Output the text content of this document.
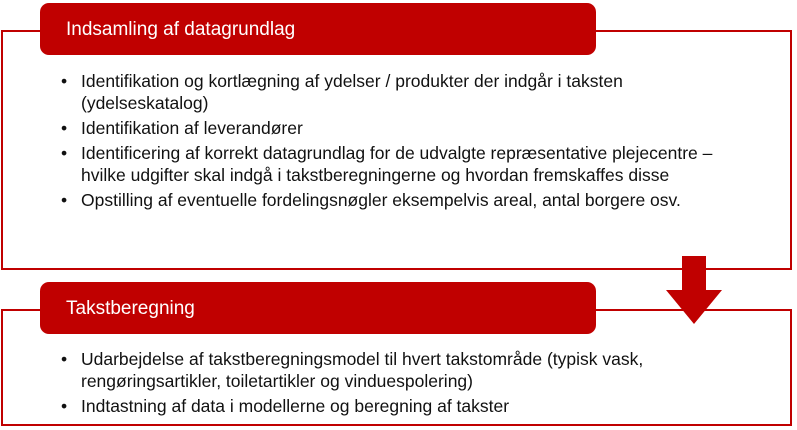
Indsamling af datagrundlag
• Identifikation og kortlægning af ydelser / produkter der indgår i taksten (ydelseskatalog)
• Identifikation af leverandører
• Identificering af korrekt datagrundlag for de udvalgte repræsentative plejecentre – hvilke udgifter skal indgå i takstberegningerne og hvordan fremskaffes disse
• Opstilling af eventuelle fordelingsnøgler eksempelvis areal, antal borgere osv.
Takstberegning
• Udarbejdelse af takstberegningsmodel til hvert takstområde (typisk vask, rengøringsartikler, toiletartikler og vinduespolering)
• Indtastning af data i modellerne og beregning af takster
